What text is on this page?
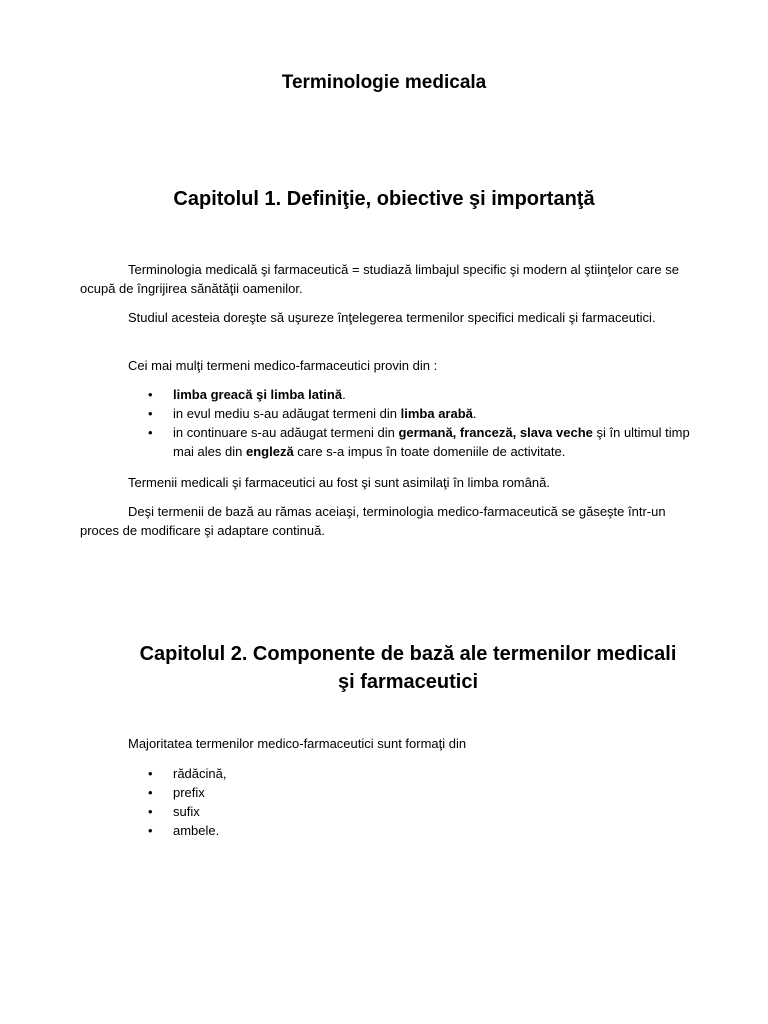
Terminologie medicala
Capitolul 1. Definiţie, obiective şi importanţă

Terminologia medicală şi farmaceutică = studiază limbajul specific şi modern al ştiinţelor care se ocupă de îngrijirea sănătăţii oamenilor.

Studiul acesteia doreşte să uşureze înţelegerea termenilor specifici medicali şi farmaceutici.

Cei mai mulţi termeni medico-farmaceutici provin din :

• limba greacă şi limba latină.
• in evul mediu s-au adăugat termeni din limba arabă.
• in continuare s-au adăugat termeni din germană, franceză, slava veche şi în ultimul timp mai ales din engleză care s-a impus în toate domeniile de activitate.

Termenii medicali şi farmaceutici au fost şi sunt asimilaţi în limba română.

Deşi termenii de bază au rămas aceiaşi, terminologia medico-farmaceutică se găseşte într-un proces de modificare şi adaptare continuă.

Capitolul 2. Componente de bază ale termenilor medicali
şi farmaceutici

Majoritatea termenilor medico-farmaceutici sunt formaţi din

• rădăcină,
• prefix
• sufix
• ambele.
